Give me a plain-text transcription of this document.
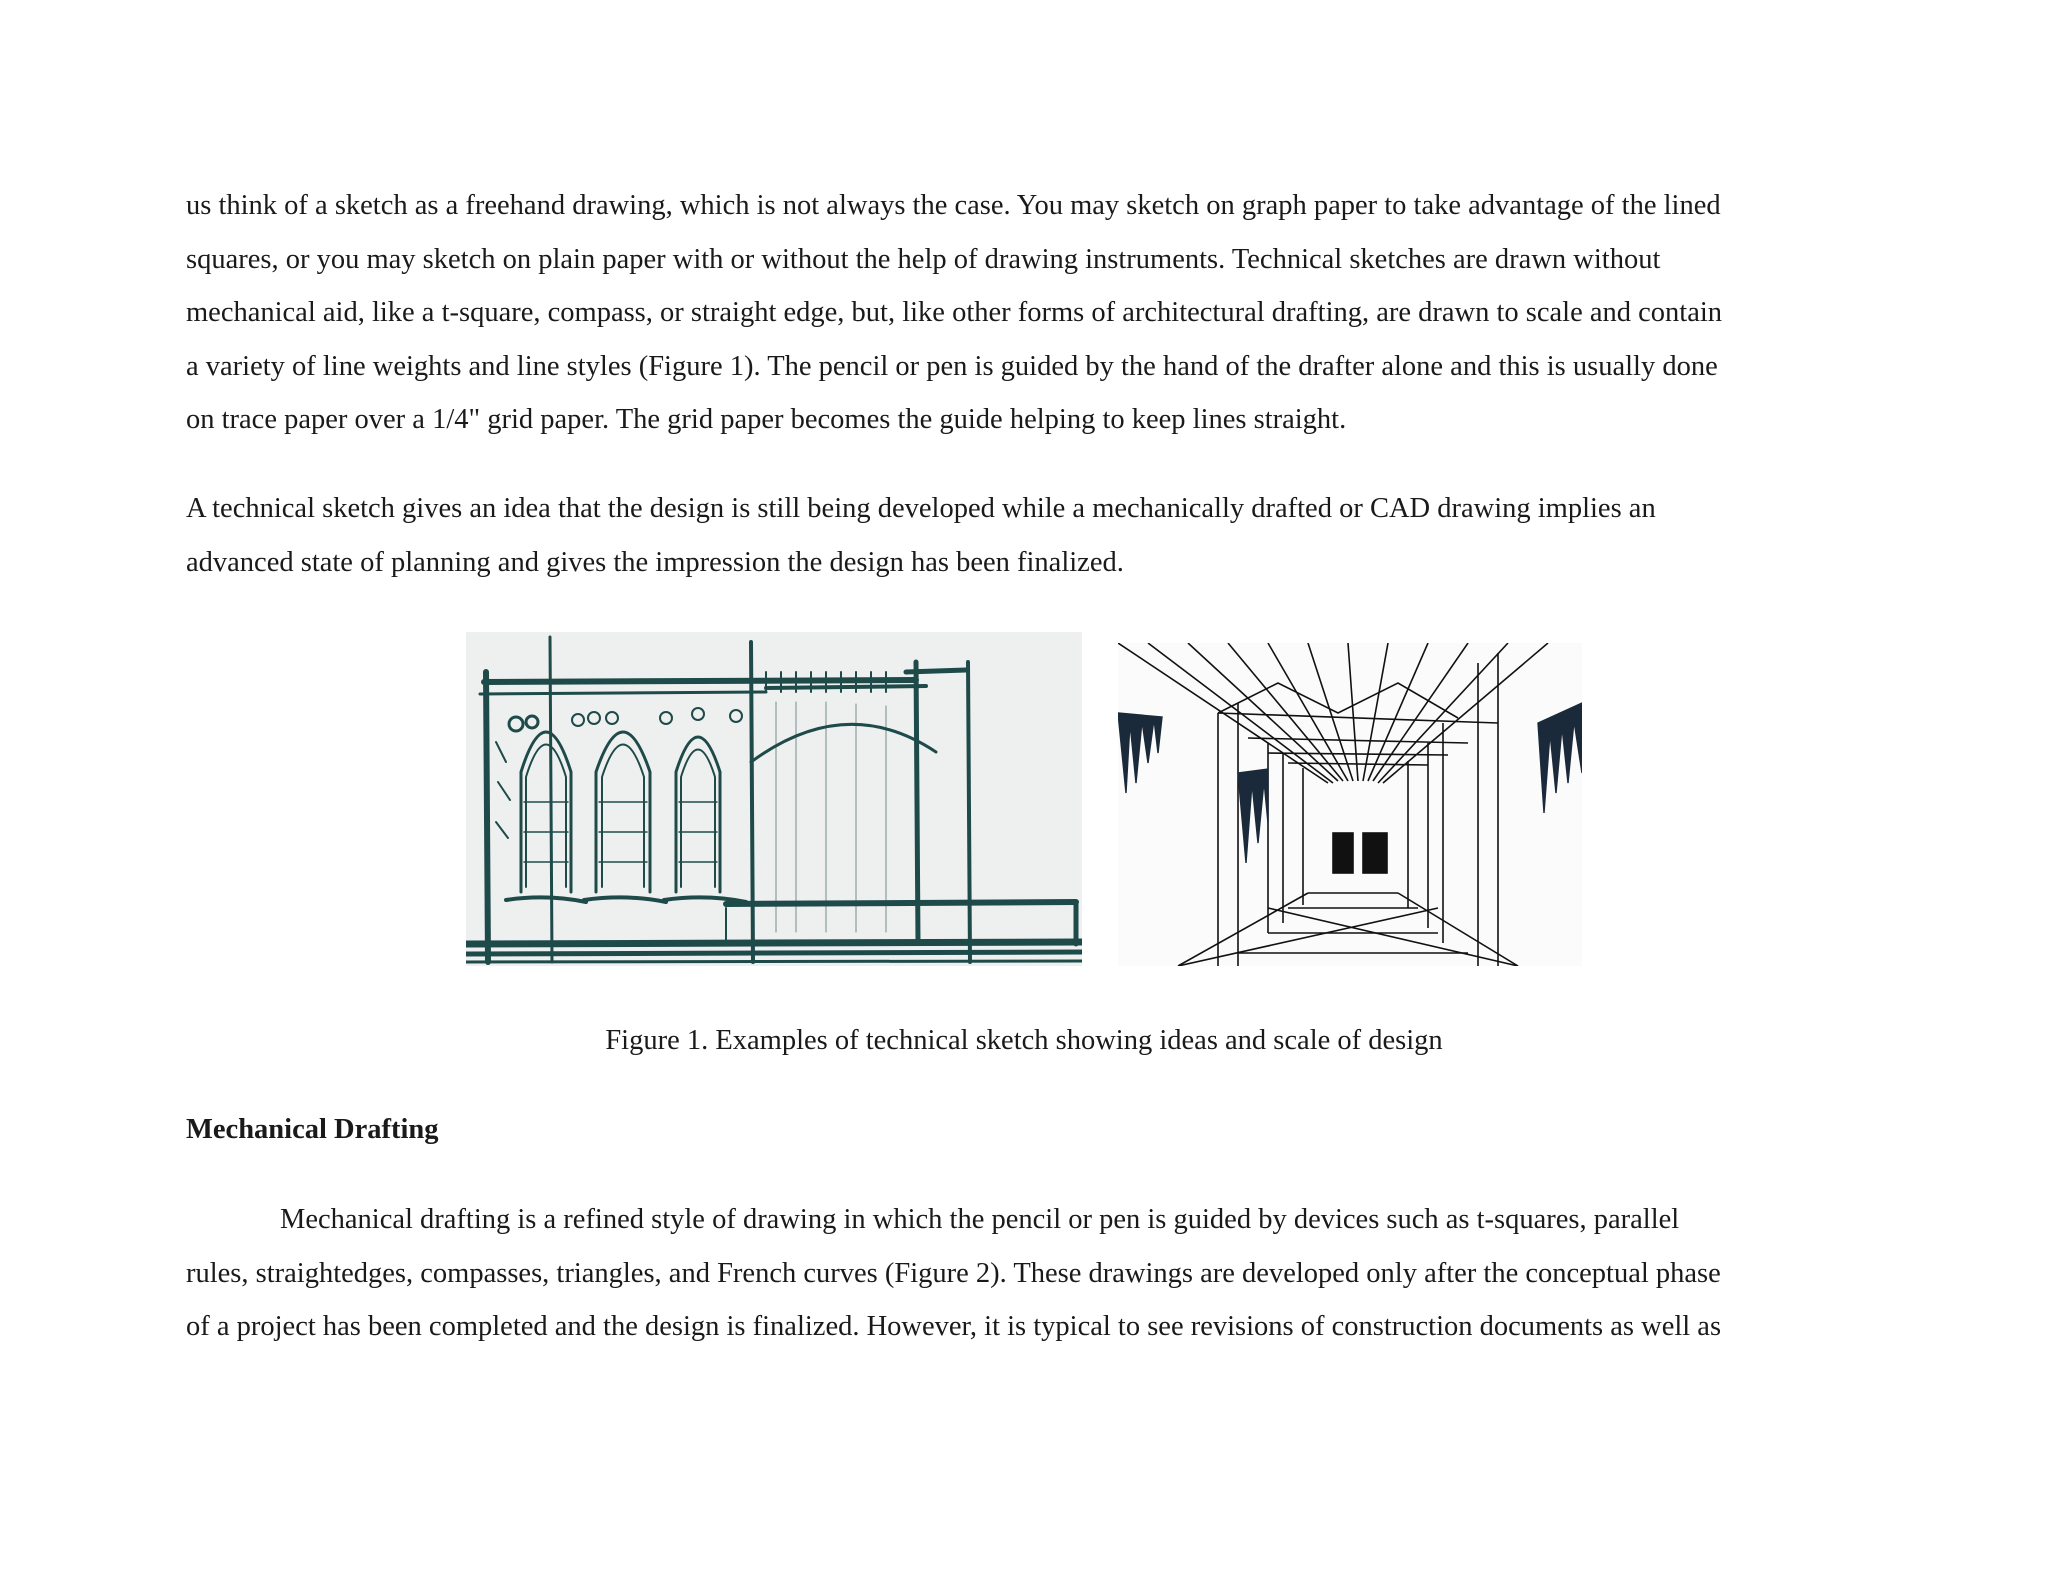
us think of a sketch as a freehand drawing, which is not always the case. You may sketch on graph paper to take advantage of the lined
squares, or you may sketch on plain paper with or without the help of drawing instruments. Technical sketches are drawn without
mechanical aid, like a t-square, compass, or straight edge, but, like other forms of architectural drafting, are drawn to scale and contain
a variety of line weights and line styles (Figure 1). The pencil or pen is guided by the hand of the drafter alone and this is usually done
on trace paper over a 1/4" grid paper. The grid paper becomes the guide helping to keep lines straight.

A technical sketch gives an idea that the design is still being developed while a mechanically drafted or CAD drawing implies an
advanced state of planning and gives the impression the design has been finalized.

Figure 1. Examples of technical sketch showing ideas and scale of design

Mechanical Drafting

Mechanical drafting is a refined style of drawing in which the pencil or pen is guided by devices such as t-squares, parallel
rules, straightedges, compasses, triangles, and French curves (Figure 2). These drawings are developed only after the conceptual phase
of a project has been completed and the design is finalized. However, it is typical to see revisions of construction documents as well as
